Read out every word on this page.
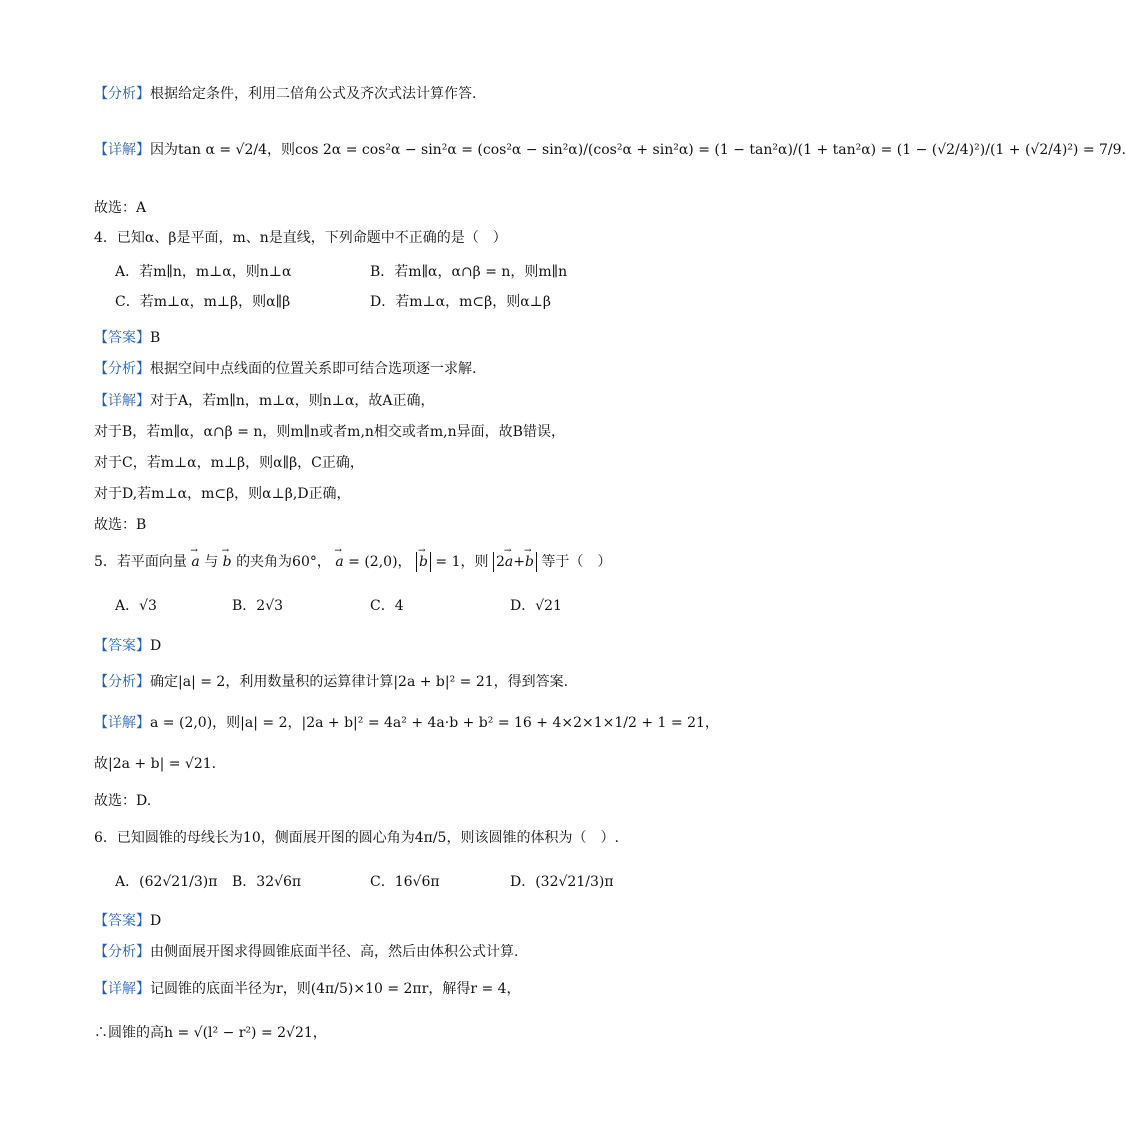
【分析】根据给定条件，利用二倍角公式及齐次式法计算作答.
【详解】因为tan α = √2/4，则cos 2α = cos²α − sin²α = (cos²α − sin²α)/(cos²α + sin²α) = (1 − tan²α)/(1 + tan²α) = (1 − (√2/4)²)/(1 + (√2/4)²) = 7/9.
故选：A
4．已知α、β是平面，m、n是直线，下列命题中不正确的是（　）
A．若m∥n，m⊥α，则n⊥α	B．若m∥α，α∩β = n，则m∥n
C．若m⊥α，m⊥β，则α∥β	D．若m⊥α，m⊂β，则α⊥β
【答案】B
【分析】根据空间中点线面的位置关系即可结合选项逐一求解.
【详解】对于A，若m∥n，m⊥α，则n⊥α，故A正确，
对于B，若m∥α，α∩β = n，则m∥n或者m,n相交或者m,n异面，故B错误，
对于C，若m⊥α，m⊥β，则α∥β，C正确，
对于D,若m⊥α，m⊂β，则α⊥β,D正确，
故选：B
5．若平面向量 → a 与 → b 的夹角为60°， → a = (2,0)， → b = 1，则 2→ a+→ b 等于（　）
A．√3	B．2√3	C．4	D．√21
【答案】D
【分析】确定|a| = 2，利用数量积的运算律计算|2a + b|² = 21，得到答案.
【详解】a = (2,0)，则|a| = 2，|2a + b|² = 4a² + 4a·b + b² = 16 + 4×2×1×1/2 + 1 = 21，
故|2a + b| = √21.
故选：D.
6．已知圆锥的母线长为10，侧面展开图的圆心角为4π/5，则该圆锥的体积为（　）.
A．(62√21/3)π B．32√6π	C．16√6π	D．(32√21/3)π
【答案】D
【分析】由侧面展开图求得圆锥底面半径、高，然后由体积公式计算．
【详解】记圆锥的底面半径为r，则(4π/5)×10 = 2πr，解得r = 4，
∴圆锥的高h = √(l² − r²) = 2√21，
